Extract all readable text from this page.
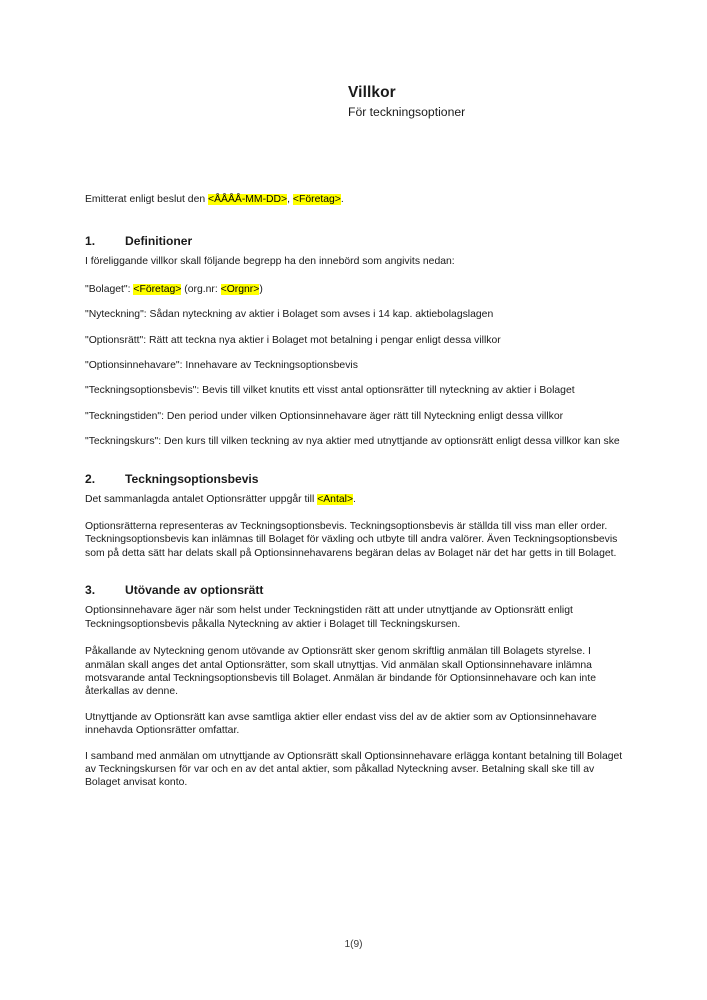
Villkor
För teckningsoptioner

Emitterat enligt beslut den <ÅÅÅÅ-MM-DD>, <Företag>.

1.	Definitioner

I föreliggande villkor skall följande begrepp ha den innebörd som angivits nedan:

"Bolaget": <Företag> (org.nr: <Orgnr>)

"Nyteckning": Sådan nyteckning av aktier i Bolaget som avses i 14 kap. aktiebolagslagen

"Optionsrätt": Rätt att teckna nya aktier i Bolaget mot betalning i pengar enligt dessa villkor

"Optionsinnehavare": Innehavare av Teckningsoptionsbevis

"Teckningsoptionsbevis": Bevis till vilket knutits ett visst antal optionsrätter till nyteckning av aktier i Bolaget

"Teckningstiden": Den period under vilken Optionsinnehavare äger rätt till Nyteckning enligt dessa villkor

"Teckningskurs": Den kurs till vilken teckning av nya aktier med utnyttjande av optionsrätt enligt dessa villkor kan ske

2.	Teckningsoptionsbevis

Det sammanlagda antalet Optionsrätter uppgår till <Antal>.

Optionsrätterna representeras av Teckningsoptionsbevis. Teckningsoptionsbevis är ställda till viss man eller order. Teckningsoptionsbevis kan inlämnas till Bolaget för växling och utbyte till andra valörer. Även Teckningsoptionsbevis som på detta sätt har delats skall på Optionsinnehavarens begäran delas av Bolaget när det har getts in till Bolaget.

3.	Utövande av optionsrätt

Optionsinnehavare äger när som helst under Teckningstiden rätt att under utnyttjande av Optionsrätt enligt Teckningsoptionsbevis påkalla Nyteckning av aktier i Bolaget till Teckningskursen.

Påkallande av Nyteckning genom utövande av Optionsrätt sker genom skriftlig anmälan till Bolagets styrelse. I anmälan skall anges det antal Optionsrätter, som skall utnyttjas. Vid anmälan skall Optionsinnehavare inlämna motsvarande antal Teckningsoptionsbevis till Bolaget. Anmälan är bindande för Optionsinnehavare och kan inte återkallas av denne.

Utnyttjande av Optionsrätt kan avse samtliga aktier eller endast viss del av de aktier som av Optionsinnehavare innehavda Optionsrätter omfattar.

I samband med anmälan om utnyttjande av Optionsrätt skall Optionsinnehavare erlägga kontant betalning till Bolaget av Teckningskursen för var och en av det antal aktier, som påkallad Nyteckning avser. Betalning skall ske till av Bolaget anvisat konto.

1(9)
